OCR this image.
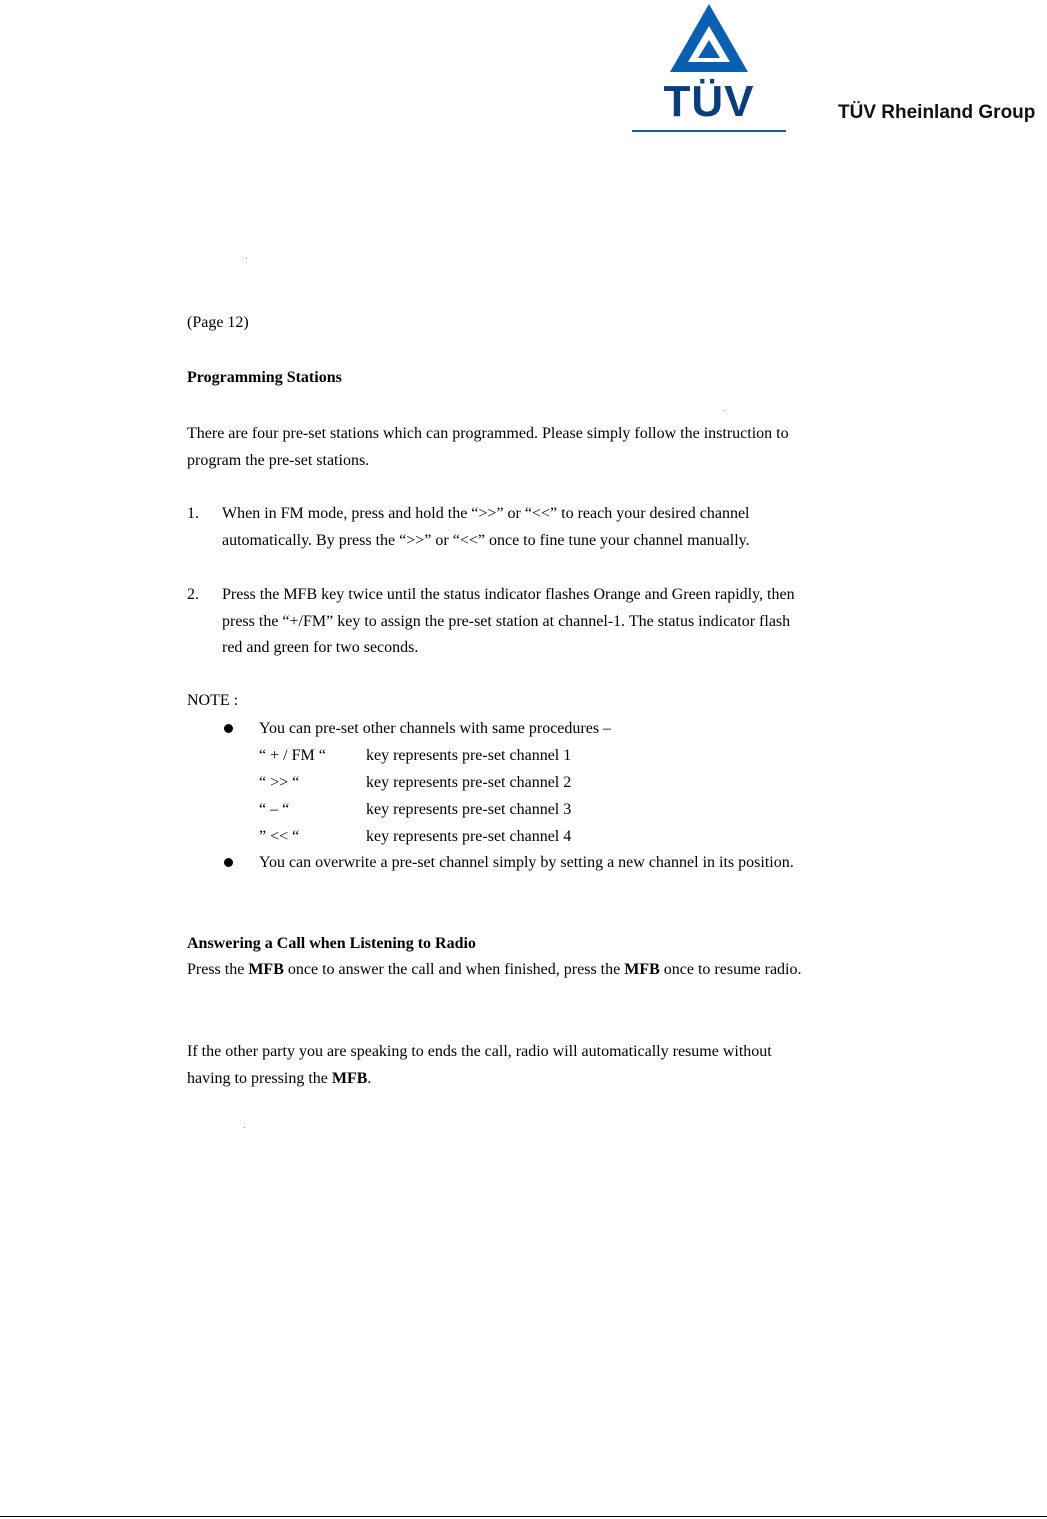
TÜV	TÜV Rheinland Group
(Page 12)
Programming Stations
There are four pre-set stations which can programmed. Please simply follow the instruction to program the pre-set stations.
1. When in FM mode, press and hold the “>>” or “<<” to reach your desired channel automatically. By press the “>>” or “<<” once to fine tune your channel manually.
2. Press the MFB key twice until the status indicator flashes Orange and Green rapidly, then press the “+/FM” key to assign the pre-set station at channel-1. The status indicator flash red and green for two seconds.
NOTE :
You can pre-set other channels with same procedures –
“ + / FM “	key represents pre-set channel 1
“ >> “	key represents pre-set channel 2
“ – “	key represents pre-set channel 3
” << “	key represents pre-set channel 4
You can overwrite a pre-set channel simply by setting a new channel in its position.
Answering a Call when Listening to Radio
Press the MFB once to answer the call and when finished, press the MFB once to resume radio.
If the other party you are speaking to ends the call, radio will automatically resume without having to pressing the MFB.
